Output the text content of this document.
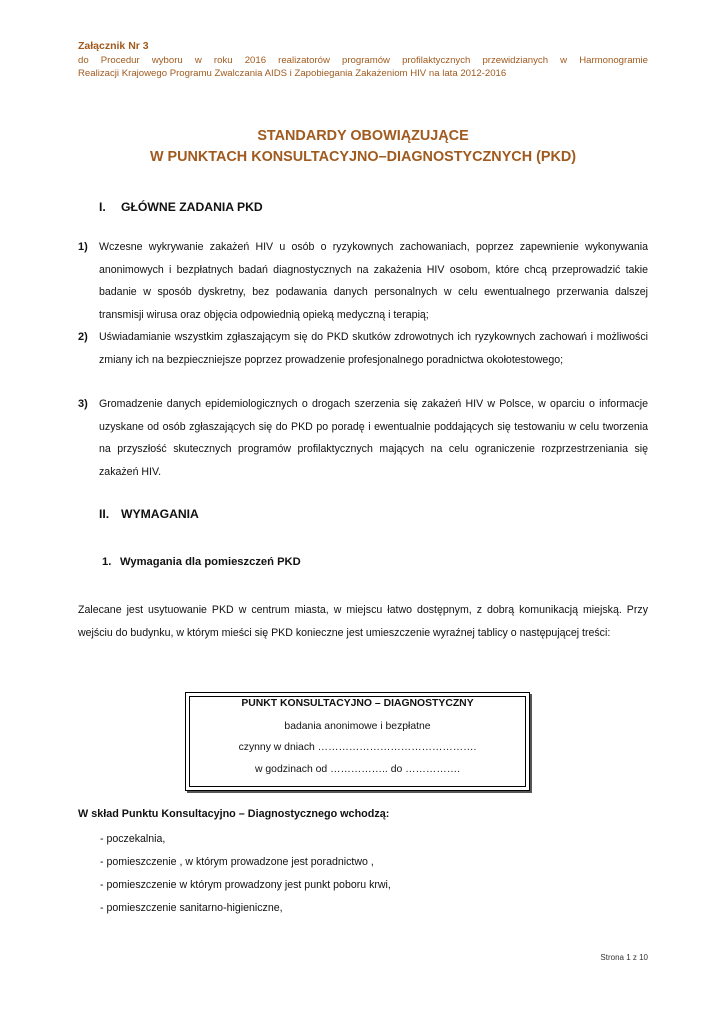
Załącznik Nr 3
do Procedur wyboru w roku 2016 realizatorów programów profilaktycznych przewidzianych w Harmonogramie
Realizacji Krajowego Programu Zwalczania AIDS i Zapobiegania Zakażeniom HIV na lata 2012-2016
STANDARDY OBOWIĄZUJĄCE
W PUNKTACH KONSULTACYJNO–DIAGNOSTYCZNYCH (PKD)
I. GŁÓWNE ZADANIA PKD
1) Wczesne wykrywanie zakażeń HIV u osób o ryzykownych zachowaniach, poprzez zapewnienie wykonywania anonimowych i bezpłatnych badań diagnostycznych na zakażenia HIV osobom, które chcą przeprowadzić takie badanie w sposób dyskretny, bez podawania danych personalnych w celu ewentualnego przerwania dalszej transmisji wirusa oraz objęcia odpowiednią opieką medyczną i terapią;
2) Uświadamianie wszystkim zgłaszającym się do PKD skutków zdrowotnych ich ryzykownych zachowań i możliwości zmiany ich na bezpieczniejsze poprzez prowadzenie profesjonalnego poradnictwa okołotestowego;
3) Gromadzenie danych epidemiologicznych o drogach szerzenia się zakażeń HIV w Polsce, w oparciu o informacje uzyskane od osób zgłaszających się do PKD po poradę i ewentualnie poddających się testowaniu w celu tworzenia na przyszłość skutecznych programów profilaktycznych mających na celu ograniczenie rozprzestrzeniania się zakażeń HIV.
II. WYMAGANIA
1. Wymagania dla pomieszczeń PKD
Zalecane jest usytuowanie PKD w centrum miasta, w miejscu łatwo dostępnym, z dobrą komunikacją miejską. Przy wejściu do budynku, w którym mieści się PKD konieczne jest umieszczenie wyraźnej tablicy o następującej treści:
PUNKT KONSULTACYJNO – DIAGNOSTYCZNY
badania anonimowe i bezpłatne
czynny w dniach ……………………………………….
w godzinach od …………….. do …………….
W skład Punktu Konsultacyjno – Diagnostycznego wchodzą:
- poczekalnia,
- pomieszczenie , w którym prowadzone jest poradnictwo ,
- pomieszczenie w którym prowadzony jest punkt poboru krwi,
- pomieszczenie sanitarno-higieniczne,
Strona 1 z 10
